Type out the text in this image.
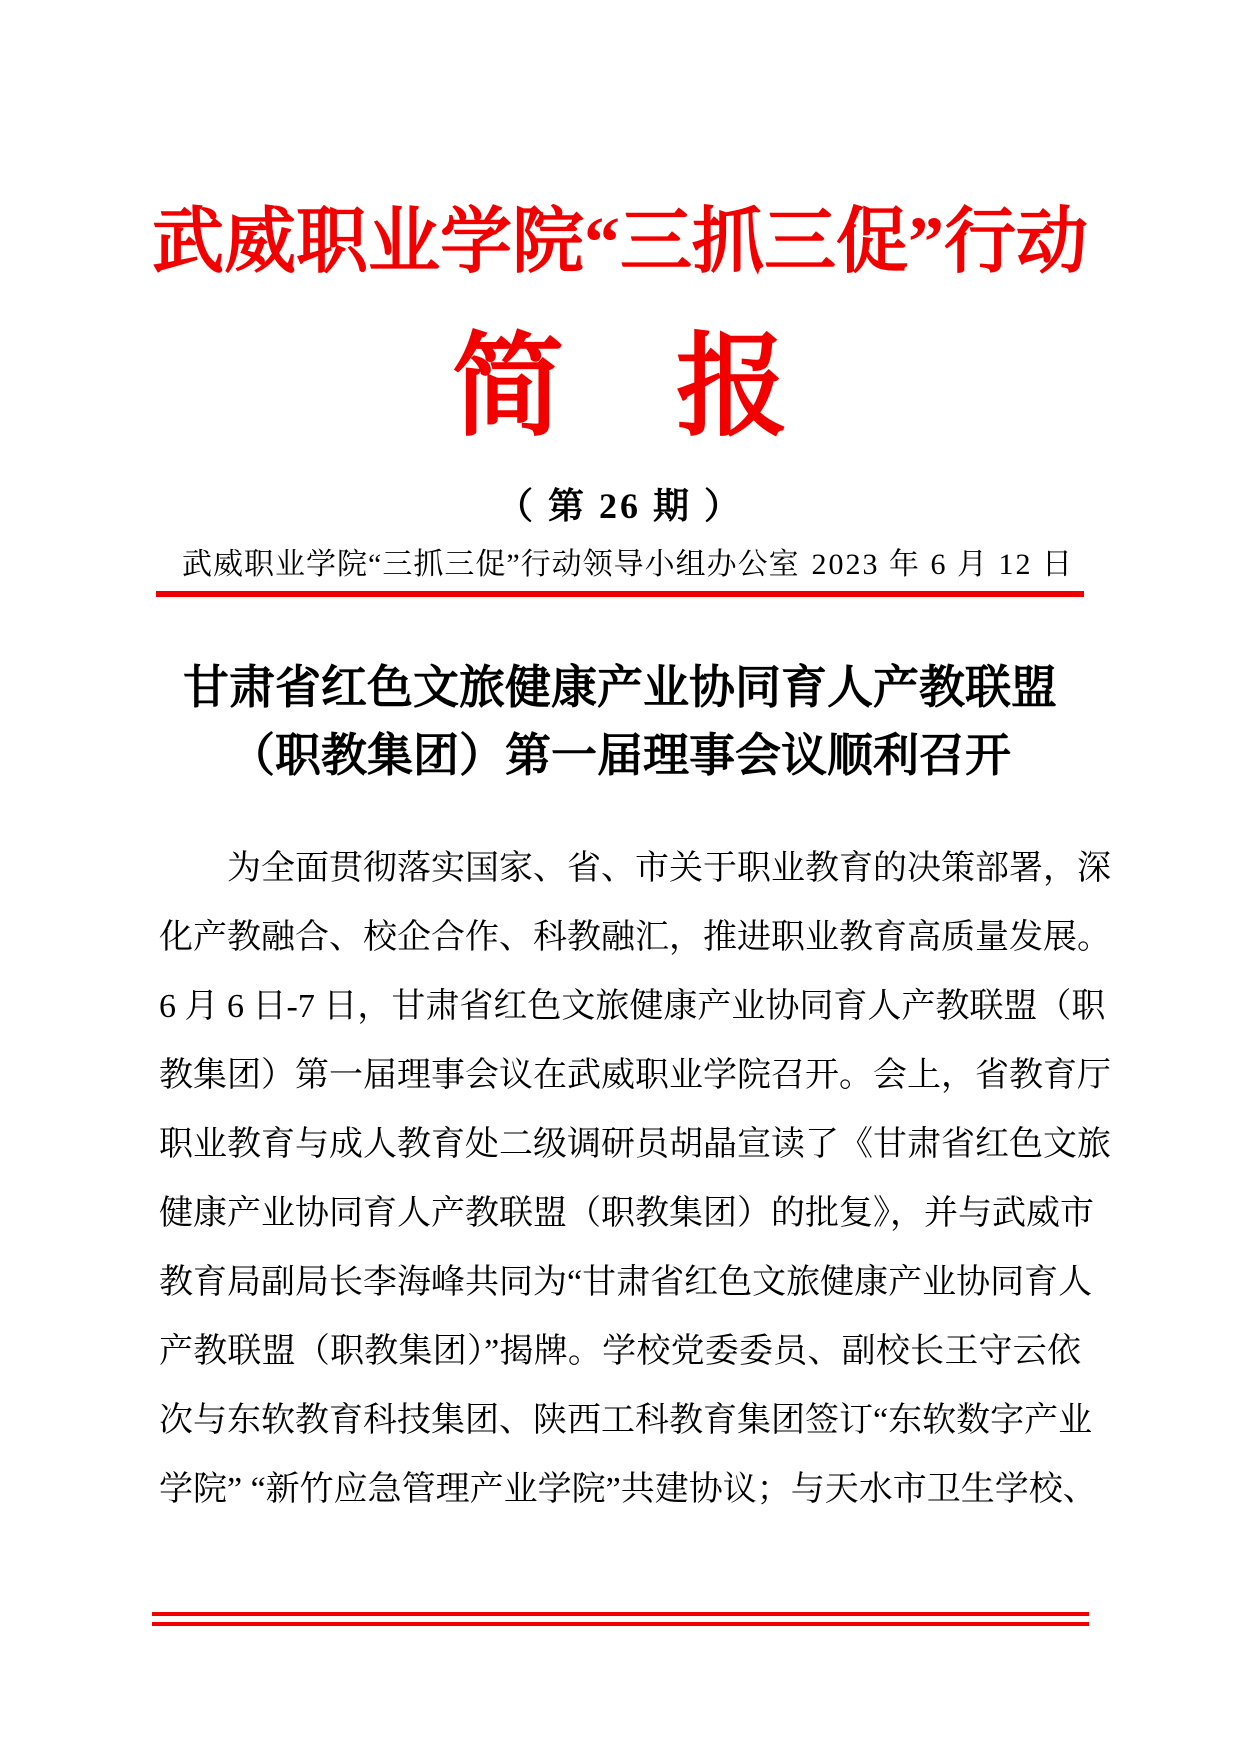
武威职业学院“三抓三促”行动
简　报
（ 第 26 期 ）
武威职业学院“三抓三促”行动领导小组办公室 2023 年 6 月 12 日
甘肃省红色文旅健康产业协同育人产教联盟
（职教集团）第一届理事会议顺利召开
为全面贯彻落实国家、省、市关于职业教育的决策部署，深
化产教融合、校企合作、科教融汇，推进职业教育高质量发展。
6 月 6 日-7 日，甘肃省红色文旅健康产业协同育人产教联盟（职
教集团）第一届理事会议在武威职业学院召开。会上，省教育厅
职业教育与成人教育处二级调研员胡晶宣读了《甘肃省红色文旅
健康产业协同育人产教联盟（职教集团）的批复》，并与武威市
教育局副局长李海峰共同为“甘肃省红色文旅健康产业协同育人
产教联盟（职教集团）”揭牌。学校党委委员、副校长王守云依
次与东软教育科技集团、陕西工科教育集团签订“东软数字产业
学院” “新竹应急管理产业学院”共建协议；与天水市卫生学校、
